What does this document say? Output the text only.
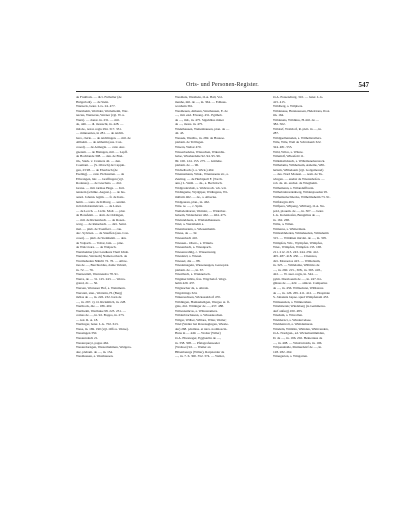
Orts- und Personen-Register.	547
de Fruitbals. — dict. Fulballer (de
Halgerlodt). — de Stein.
Warneck, beier. L.G. 24. 477.
Warnheim, Werlider, Werlerheim, War-
nacies, Wernerus, Werner (vgl. W. u.
Wern). — donat. in. 231. — mil.
de, 446. — dl. monachi, in. 428. —
mil.de., notar. regis 294. 317. 331.
— minnaeries, in 281. — de Aichli-
bero, clerle. — de Aichlingen. — mil. de
Allheim. — de Altheim (aus. Con-
cosed). — de Armagla. — cant. Aur-
gnetem. — de Bisingen, mil. — Lapff.
de Bochlande 308. — den. de Brei-
tm., Stark. v. Cranters 42. — den.
Coemant. — (S. Obroch) de Cappin-
gen, 23 98. — de Eberbach (de
Eseling). — cant. Eichstetten. — de
Ellwangen, lair. — Graffingen (vgl.
Rodenes). — de Grechais. — dict.
Grane. — mil. tarmae Hege. — Intl-
tenstein (schilke. August.). — de Iss-
aanol. Johann. legim. — fr. de Kais-
heim. — sons. de Kilburg. — senilet.
in Kirchdotnindcorn. — de Laber.
— de Lecch. — Licht. Moll. — plur.
de Bonsfeim. — dom. de Odringen,
— mil. de Rickenbach. — de Rosen-
warg. — de Reisebach. — dict. Seinl.
mal. — plub. de Svenfiert. — cau.
dec. Sylvnen. — de Stauffen (aus. Con-
coset). — plub. de Steinheim. — den.
de Volpach. — Voltar, lain. — pine.
de Walcovara. — de Walpach.
Wernheimer (der Landkurs Theil Ichsh.
Wernshe, Wernsch) Namen erbach. de
Wurmshaden Nährlit 72. 76. — Albre-
ites de —, Berchtoldus, dome Vahrstl,
in. 72. — 76.
Wernestlall, Wernreusba 78. 91.
Werra, de — 31. 125. 243. — Werra-
grand, dr. — 56.
Wersen, Werneser Hof, a. Weinmern.
Werstatt, stan., Wertstin, H. (Berg)
mölas de —, in. 226. 232. barn de
—, in. 267. vj. O. Rickmlich, in. 228.
Werthock, die — 186. 402.
Wertheim, Werthake 98. 223. 231. —
comes de —, in. 92. Boppo, in. 273.
— kol. R. A. 18.
Wertinger, beier. L.G. 702. 613.
Wese, in. 169. 190 (vgl. Offs u. Weise).
Wessingen 350.
Westerndach 21.
Westerquoyt, pagus 462.
Westerdorngen, Westerbuhmen, Walgera-
dez, plebam. de —, in. 154.
Westhausen, a. Westhausen.
Westhale, Westhele, O.A. Ball, Vol-
menhe, mil. de —, in. 364. — Edhaus-
wonhain 361.
Westheuen, Ahheun, Westhausen, E. de
—, mil. end. Elwang. 451. Egilheb.
de —, mil., in. 475. Siguhblus miner
de —, mons. in. 475.
Wiekthausen, Weitenhausen, pion. de —
42. 43.
Wessek, Wesllis., in. 269. de Hausoe.
plebam. de Tröllsgen.
Wisern, Webar 470.
Wisserbedelse, Wissachen, Wikardle-
belse, Wisshardehe 92. 94. 95. 96.
99. 100. 124. 153. 275. — Gütlehe.
plebam. de — 96.
Wichelbach (i. a. Wick.) 462.
Wiennsmann, Wink., Wiennsaens str., a.
Zeuling. — de Herbiptell F. (Torch.
ann.) L. Wehl. — de., a. Bechrloch.
Widgrade'ehab, s. Wehrwoch. wh. wit.
Widingame, Wydgiper, Widingena, Wi-
mitbrm 462. — de., s. Albecke.
Widgeuren, plan., in. 462.
Wite. te. —, c. Spitz.
Weilsdenbarter, Weinlar, — Widerber-
belsem, Widerderter 462. — 464. 475.
Wielanddeets, a. Wielandhaussen.
Wiel, a. Werntheim a.
Wiernhuriein, s. Wiesentheim.
Wiese, de — 32.
Wiesenbach 410.
Wiessen.- Oberr.., s. Winula.
Wiesenbach, a. Wiesnpach.
Wiesenwahlig, c. Wiesenwnig.
Wieslatzl, s. Wiesel.
Wiessel, die — 88.
Wiesleinagein, Wiesenaugen, Gersopiot.
plebam. de —, in. 67.
Wiezlbach, s. Wiekneloch.
Wignher hihbs, fras. Wigchelof. Wegi-
helm 429. 437.
Wigleacher da, a. Ahrala.
Wigolttings 324.
Wikersachsen, Wickasattdorf 470.
Wildingen, Hamauheligen, Wergeo at. fl-
gins, dict. Wittinger de —, 437. 488.
Wilresnamcas, a. Wilresnamers.
Wilderbrachiaesn, a. Wissaskochen.
Wilger, Wilber, Willare, Wiler, Weiler;
Wiel (Weiler bei Ravensgingen, Wiesle-
der) 268. pdomiss. et niox. nodmoscin-
Hans in — 449. — Wolter (Wiler)
O.A. Eltesnoger, Egglsartin de —,
in. 338. 308. — Pfalsgrafenseeler
(Wsiloer) 92. — Weiler an
Hibenbeurgs (Wilter), Rarpnarder de
—, in. 7. 6. 300. 352. 374. — Welter,
O.A. Esreendturg, 310. — beier. L.G.
415. 415.
Wildberg, s. Wilpbers.
Wildenaue, Hennauaoen, Heleiriona, Ibox.
im. 164.
Wildenais, Wildinss, H. mil. de —
382. 502.
Wildorf, Wsildorf, R. pleb. in —, in.
287.
Wildgsellennelen, s. Wilhelisvellers.
Wile, Wile, Weil de Schöckenb 322.
324. 481. 555.
Wild, Wilce, s. Wilere.
Wilemdf, Wileefeld 11.
Wilkmatbdusch, s. Willemsneberstock.
Wilhalama, Wihhelaam, Ashems, Will-
lerium, Wilhelaam (vgl. Golgemonel)
— des. Nord Monast. — nom. de Tu-
wingen. — enebst de Wiezsnhofen. —
rob. de. ab. enchet. de Wiegheim.
Wilhemann, s. Wilandeffbrein.
Wilhebrahrardenberg, Wildenjoaedsn 95.
Wilhemsrlecbhecks, Wilhelmsheim 73. 91.
Wilfdorgin 463.
Wilfpera, Wilpeng, Wiilberg, O.A. Ne-
pold, plouem. de —, in. 307. — beier.
L.G. Kolenkofen, Bengnlius de —,
in. 162. 268.
Wilte, a. Wilen.
Wimarsa, s. Wimermata.
Wimrebhdeden, Wimshaeden, Wimsheim
315. — Wildmen micdat. de —, in. 305.
Wimpfen, Wir-, Wympfen, Wimpfea,
Wier., Wimpfen, Wimpfen 133. 168.
211. 212. 213. 243. 244. 259. 412.
405. 487. 418. 450. — Cliensios,
dict. Monaoios 423. — Wilholsum,
in. 325. — Wiilelama, Willtimo de
—, in. 260. 215., 308., in. 393. 418.,
422. — W. suer. regis, in. 344. —
pyim. Dnotloeum de —, in. 247. Kr-
ghisus de —, 422. — amicet. Campertus
de —, in. 456. Willzedanz, Willistona
de —, in. 126. 265. 411. 412. — Hospitale
S. Johannis bapae. spud Wimpfenam 453.
Wimseuslen, s. Wimnershen.
Windsbersk; Windsberg (ia Gemmersa-
derf anfurg) 450. 483.
Wiedum, s. Wiwollen.
Wieldernct, s. Windervelsee.
Wieldentrolt, a. Wimdemaraz.
Windeln, Wimbin, Wimden, Wimvenden,
O.A. Nordgun., ad. Wickelnstimmden,
D. de —, in. 196. 202. Heineriaus de
—, in. 408. — Wiulcntrolds, in. 106.
Wlipenahalle, Mamurdeirf de —, in.
128. 282. 262.
Winegarten, s. Wingarten.
